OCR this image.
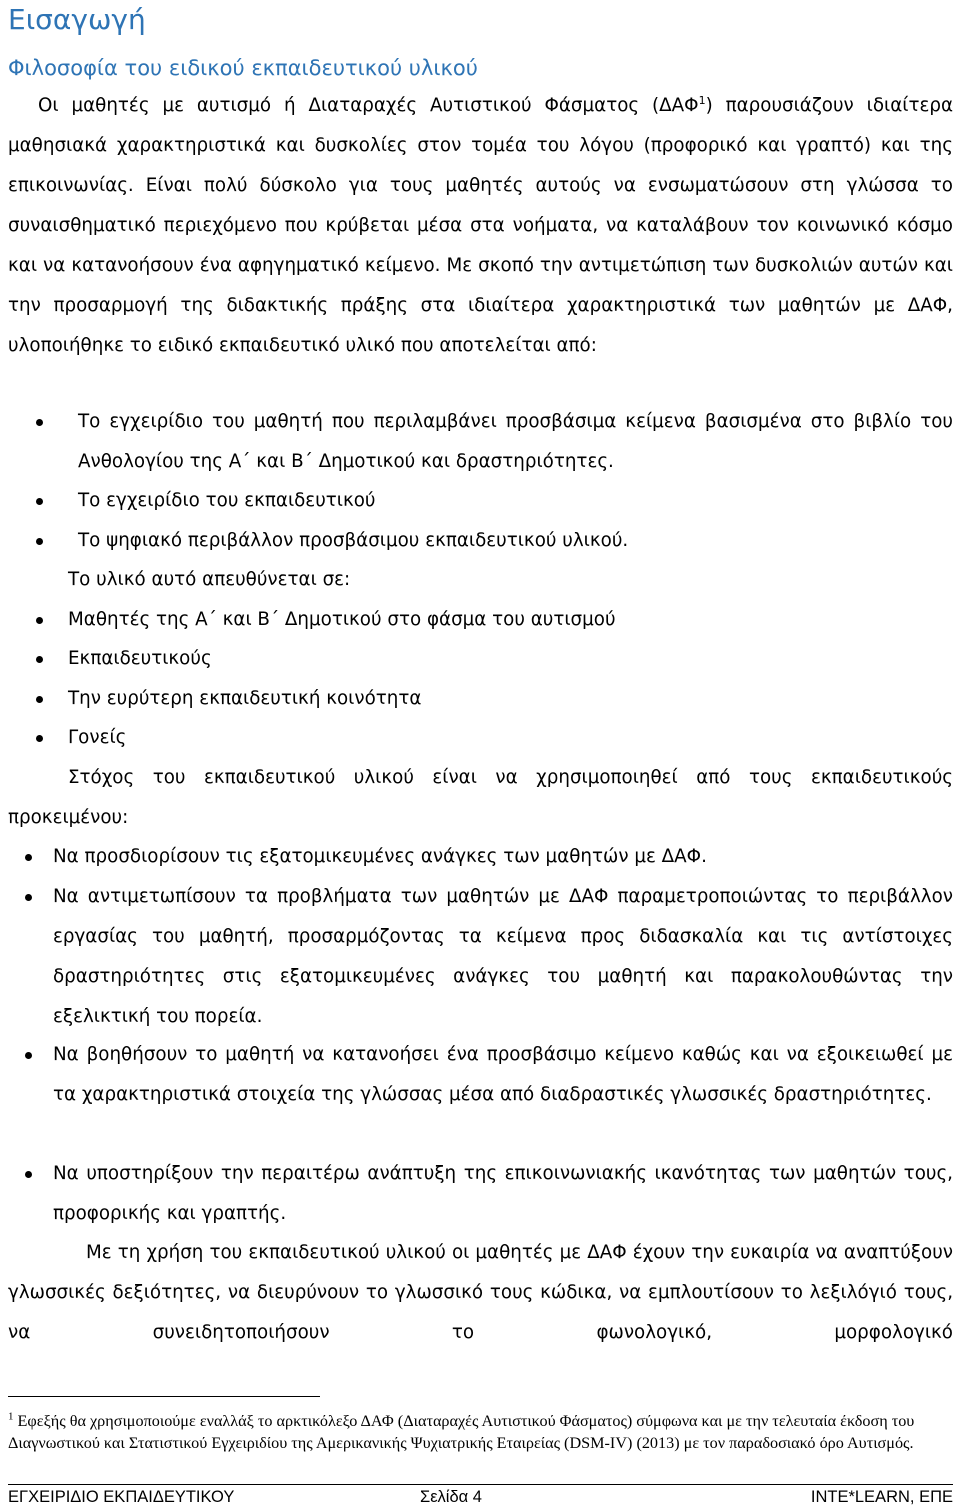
Εισαγωγή
Φιλοσοφία του ειδικού εκπαιδευτικού υλικού
Οι μαθητές με αυτισμό ή Διαταραχές Αυτιστικού Φάσματος (ΔΑΦ$^1$) παρουσιάζουν ιδιαίτερα μαθησιακά χαρακτηριστικά και δυσκολίες στον τομέα του λόγου (προφορικό και γραπτό) και της επικοινωνίας. Είναι πολύ δύσκολο για τους μαθητές αυτούς να ενσωματώσουν στη γλώσσα το συναισθηματικό περιεχόμενο που κρύβεται μέσα στα νοήματα, να καταλάβουν τον κοινωνικό κόσμο και να κατανοήσουν ένα αφηγηματικό κείμενο. Με σκοπό την αντιμετώπιση των δυσκολιών αυτών και την προσαρμογή της διδακτικής πράξης στα ιδιαίτερα χαρακτηριστικά των μαθητών με ΔΑΦ, υλοποιήθηκε το ειδικό εκπαιδευτικό υλικό που αποτελείται από:
Το εγχειρίδιο του μαθητή που περιλαμβάνει προσβάσιμα κείμενα βασισμένα στο βιβλίο του Ανθολογίου της Α΄ και Β΄ Δημοτικού και δραστηριότητες.
Το εγχειρίδιο του εκπαιδευτικού
Το ψηφιακό περιβάλλον προσβάσιμου εκπαιδευτικού υλικού.
Το υλικό αυτό απευθύνεται σε:
Μαθητές της Α΄ και Β΄ Δημοτικού στο φάσμα του αυτισμού
Εκπαιδευτικούς
Την ευρύτερη εκπαιδευτική κοινότητα
Γονείς
Στόχος του εκπαιδευτικού υλικού είναι να χρησιμοποιηθεί από τους εκπαιδευτικούς προκειμένου:
Να προσδιορίσουν τις εξατομικευμένες ανάγκες των μαθητών με ΔΑΦ.
Να αντιμετωπίσουν τα προβλήματα των μαθητών με ΔΑΦ παραμετροποιώντας το περιβάλλον εργασίας του μαθητή, προσαρμόζοντας τα κείμενα προς διδασκαλία και τις αντίστοιχες δραστηριότητες στις εξατομικευμένες ανάγκες του μαθητή και παρακολουθώντας την εξελικτική του πορεία.
Να βοηθήσουν το μαθητή να κατανοήσει ένα προσβάσιμο κείμενο καθώς και να εξοικειωθεί με τα χαρακτηριστικά στοιχεία της γλώσσας μέσα από διαδραστικές γλωσσικές δραστηριότητες.
Να υποστηρίξουν την περαιτέρω ανάπτυξη της επικοινωνιακής ικανότητας των μαθητών τους, προφορικής και γραπτής.
Με τη χρήση του εκπαιδευτικού υλικού οι μαθητές με ΔΑΦ έχουν την ευκαιρία να αναπτύξουν γλωσσικές δεξιότητες, να διευρύνουν το γλωσσικό τους κώδικα, να εμπλουτίσουν το λεξιλόγιό τους, να συνειδητοποιήσουν το φωνολογικό, μορφολογικό
$^1$ Εφεξής θα χρησιμοποιούμε εναλλάξ το αρκτικόλεξο ΔΑΦ (Διαταραχές Αυτιστικού Φάσματος) σύμφωνα και με την τελευταία έκδοση του Διαγνωστικού και Στατιστικού Εγχειριδίου της Αμερικανικής Ψυχιατρικής Εταιρείας (DSM-IV) (2013) με τον παραδοσιακό όρο Αυτισμός.
ΕΓΧΕΙΡΙΔΙΟ ΕΚΠΑΙΔΕΥΤΙΚΟΥ	Σελίδα 4	INTE*LEARN, ΕΠΕ
